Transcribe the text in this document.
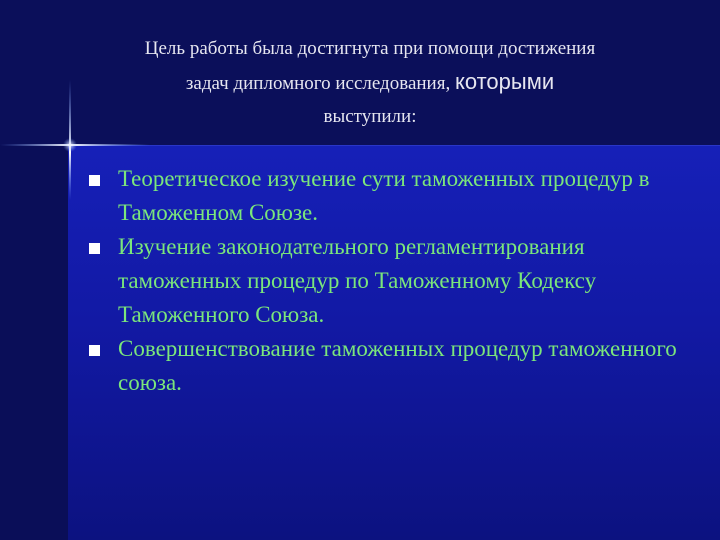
Цель работы была достигнута при помощи достижения
задач дипломного исследования, которыми
выступили:
Теоретическое изучение сути таможенных процедур в Таможенном Союзе.
Изучение законодательного регламентирования таможенных процедур по Таможенному Кодексу Таможенного Союза.
Совершенствование таможенных процедур таможенного союза.
